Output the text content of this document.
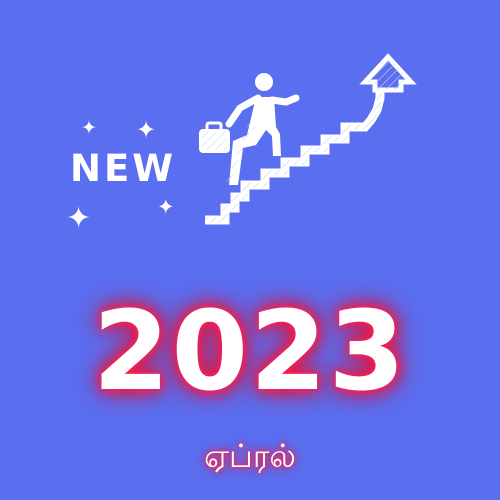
✦ ✦
✦	✦
NEW
2023
ஏப்ரல்
